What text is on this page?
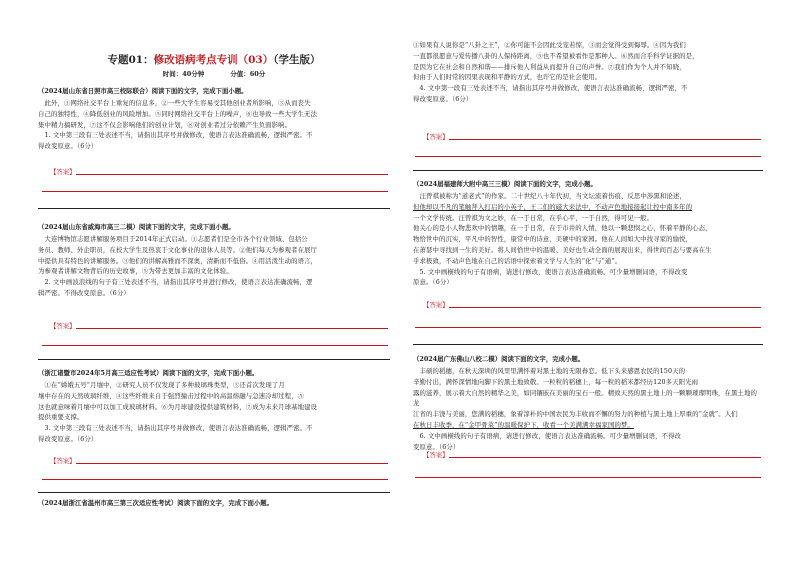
专题01：修改语病考点专训（03）（学生版）
时间：40分钟　　　　分值：60分
（2024届山东省日照市高三校际联合）阅读下面的文字，完成下面小题。
　此外，①网络社交平台上重复的信息多，②一些大学生容易受其他创业者所影响，③从而丧失
自己的独特性，④降低创业的风险增加。⑤同时网络社交平台上的噪声，⑥也导致一些大学生无法
集中精力搞研发，⑦这不仅会影响他们的创业计划，⑧对创业者过分依赖产生负面影响。
　1. 文中第三段有三处表述不当，请指出其序号并做修改，使语言表达准确流畅，逻辑严密。不
得改变原意。（6分）
【答案】
（2024届山东省威海市高三二模）阅读下面的文字，完成下面小题。
　大连博物馆志愿讲解服务项目于2014年正式启动。①志愿者们是全市各个行业领域、包括公
务员、教师、外企职员，在校大学生及热衷于文化事业的退休人员等。②他们每天为参观者在展厅
中提供具有特色的讲解服务。③他们的讲解高雅而不深奥，清新而不低俗。④用活泼生动的语言，
为参观者讲解文物背后的历史故事，⑤为带去更加丰富的文化体验。
　2. 文中画波浪线的句子有三处表述不当，请指出其序号并进行修改，使语言表达准确流畅，逻
辑严密。不得改变原意。（6分）
【答案】
（浙江诸暨市2024年5月高三适应性考试）阅读下面的文字，完成下面小题。
　①在“嫦娥五号”月壤中，②研究人员不仅发现了多种玻璃珠类型，③还首次发现了月
壤中存在的天然玻璃纤维，④这些纤维来自于强烈撞击过程中的高温熔融与急速冷却过程，⑤
这也就意味着月壤中可以加工成玻璃材料。⑥为月球建设提供建筑材料，⑦成为未来月球基地建设
提供重要支撑。
　3. 文中第三段有三处表述不当，请指出其序号并做修改，使语言表达准确流畅，逻辑严密。不
得改变原意。（6分）
【答案】
（2024届浙江省温州市高三第三次适应性考试）阅读下面的文字，完成下面小题。
①如果有人说你是“八卦之王”，②你可能不会因此受宠若惊，③而会觉得受到侮辱。④因为我们
一直都很愿意与爱传播八卦的人保持距离，⑤也不希望被看作是那种人。⑥然而合乎科学证据的是，
是因为它在社会和自然和谐——排斥他人利益从而提升自己的声誉。⑦我们作为个人并不知晓，
但由于人们时常的因果表现和平静的方式，也许它的是社会使用。
　4. 文中第一段有三处表述不当，请指出其序号并做修改，使语言表达准确流畅，逻辑严密，不
得改变原意。（6分）
【答案】
（2024届福建师大附中高三三模）阅读下面的文字，完成小题。
　汪曾祺被称为“道老式”的作家。二十世纪八十年代初，当文坛流着伤痕、反思中涉黑和论述，
但他却以不凡的笔触拜入打启的小英子、王二们的磁大来法中，不动声色地接接起让控中南多年的
一个文学传统。汪曾祺为文之妙，在一于日常，在乎心平，一于自然，得可见一般。
他关心的是小人物悲欢中的情趣，在一于日常，在于市井的人情，他以一颗悲悯之心，怀着平静的心态，
物恰世中的沉实，平凡中的智性，康常中的诗意，美硬中的家园。他在人间如大中找寻家的愉悦，
在萧瑟中寻找到一生的美好。将人间恰世中的温暖、美好也生动全面的展现出来，得世间百态与要高在生
乎求极致，不动声色地在自己的话语中探索着文学与人生的“化”与“通”。
　5. 文中画横线的句子有语病，请进行修改，使语言表达准确流畅。可少量增删词语，不得改变
原意。（6分）
【答案】
（2024届广东佛山八校二模）阅读下面的文字，完成小题。
　丰硕的稻穗，在秋天深圳的风里里满怀着对黑土地的无限眷恋。低下头来感恩农民的150天的
辛勤付出，满怀深情地向脚下的黑土地致敬。一粒粒的稻穗上，每一粒的稻米都经历120多天阳光雨
露的滋养，展示着大自然的精华之美，如同镶嵌在美丽的宝石一般。精致天然的黑土地上的一颗颗璀璨明珠，在黑土地的龙
江省的丰饶与美丽，您满的稻穗，象着淳朴的中国农民为丰收而不懈的努力的种植与黑土地上厚重的“金就”。人们
在秋日丰收季，在“金甲骨菜”的温暖保护下，收看一个美满满幸福家国的梦。
　6. 文中画横线的句子有语病，请进行修改，使语言表达准确流畅。可少量增删词语，不得改
变原意。（6分）
【答案】
